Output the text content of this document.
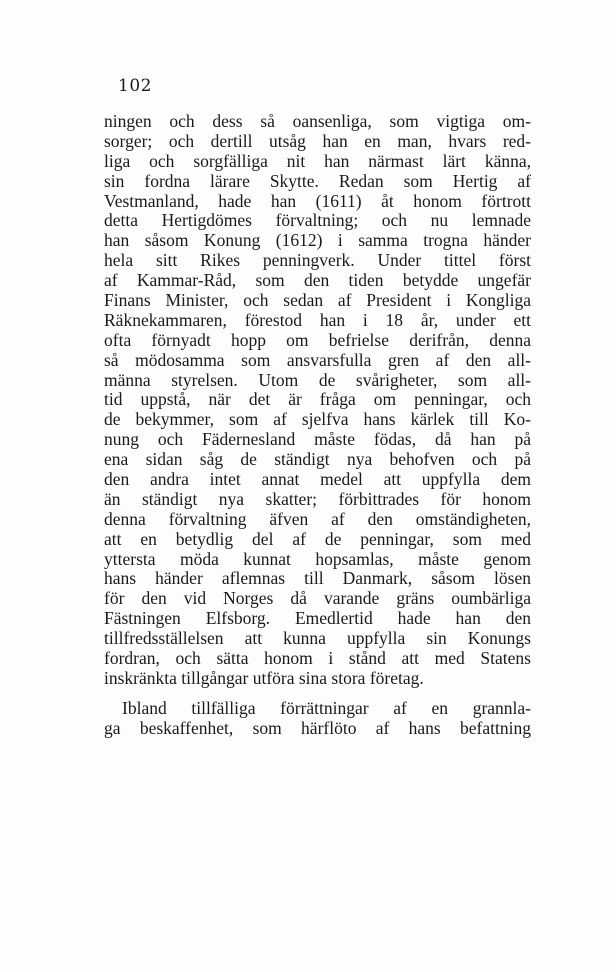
102
ningen och dess så oansenliga, som vigtiga om-
sorger; och dertill utsåg han en man, hvars red-
liga och sorgfälliga nit han närmast lärt känna,
sin fordna lärare Skytte. Redan som Hertig af
Vestmanland, hade han (1611) åt honom förtrott
detta Hertigdömes förvaltning; och nu lemnade
han såsom Konung (1612) i samma trogna händer
hela sitt Rikes penningverk. Under tittel först
af Kammar-Råd, som den tiden betydde ungefär
Finans Minister, och sedan af President i Kongliga
Räknekammaren, förestod han i 18 år, under ett
ofta förnyadt hopp om befrielse derifrån, denna
så mödosamma som ansvarsfulla gren af den all-
männa styrelsen. Utom de svårigheter, som all-
tid uppstå, när det är fråga om penningar, och
de bekymmer, som af sjelfva hans kärlek till Ko-
nung och Fädernesland måste födas, då han på
ena sidan såg de ständigt nya behofven och på
den andra intet annat medel att uppfylla dem
än ständigt nya skatter; förbittrades för honom
denna förvaltning äfven af den omständigheten,
att en betydlig del af de penningar, som med
yttersta möda kunnat hopsamlas, måste genom
hans händer aflemnas till Danmark, såsom lösen
för den vid Norges då varande gräns oumbärliga
Fästningen Elfsborg. Emedlertid hade han den
tillfredsställelsen att kunna uppfylla sin Konungs
fordran, och sätta honom i stånd att med Statens
inskränkta tillgångar utföra sina stora företag.
Ibland tillfälliga förrättningar af en grannla-
ga beskaffenhet, som härflöto af hans befattning
